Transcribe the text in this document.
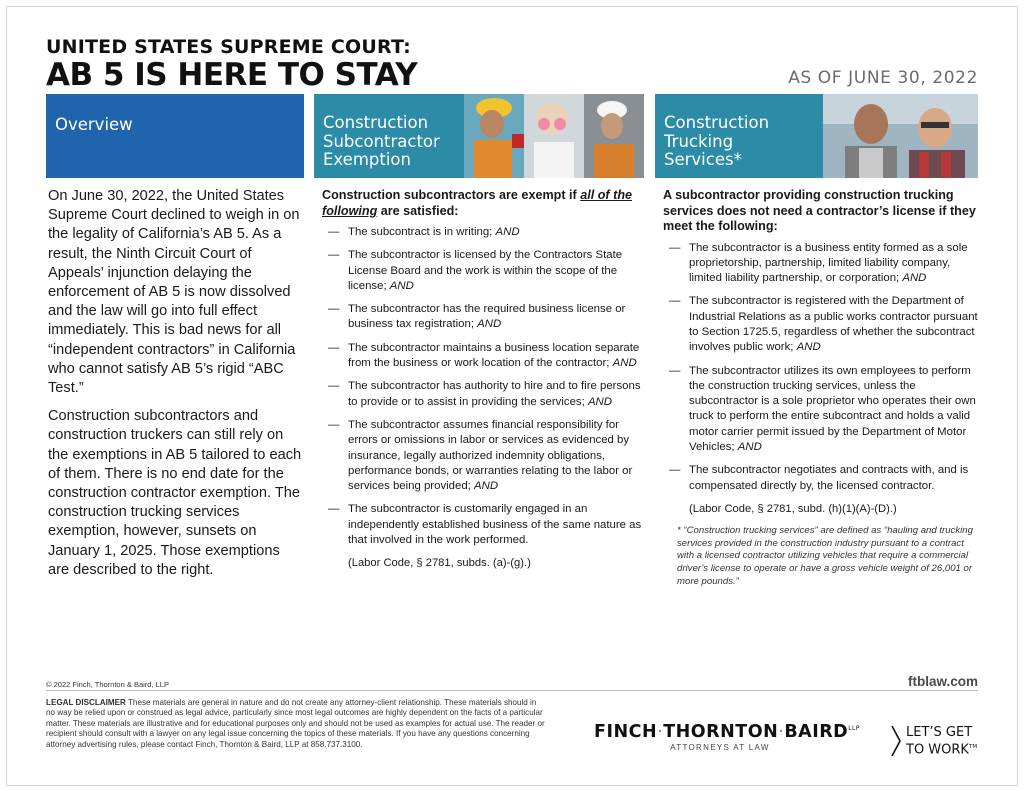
UNITED STATES SUPREME COURT:
AB 5 IS HERE TO STAY	AS OF JUNE 30, 2022
Overview	Construction
Subcontractor
Exemption
Construction
Trucking
Services*

On June 30, 2022, the United States Supreme Court declined to weigh in on the legality of California’s AB 5. As a result, the Ninth Circuit Court of Appeals’ injunction delaying the enforcement of AB 5 is now dissolved and the law will go into full effect immediately. This is bad news for all “independent contractors” in California who cannot satisfy AB 5’s rigid “ABC Test.”

Construction subcontractors and construction truckers can still rely on the exemptions in AB 5 tailored to each of them. There is no end date for the construction contractor exemption. The construction trucking services exemption, however, sunsets on January 1, 2025. Those exemptions are described to the right.

Construction subcontractors are exempt if all of the following are satisfied:
— The subcontract is in writing; AND
— The subcontractor is licensed by the Contractors State License Board and the work is within the scope of the license; AND
— The subcontractor has the required business license or business tax registration; AND
— The subcontractor maintains a business location separate from the business or work location of the contractor; AND
— The subcontractor has authority to hire and to fire persons to provide or to assist in providing the services; AND
— The subcontractor assumes financial responsibility for errors or omissions in labor or services as evidenced by insurance, legally authorized indemnity obligations, performance bonds, or warranties relating to the labor or services being provided; AND
— The subcontractor is customarily engaged in an independently established business of the same nature as that involved in the work performed.
(Labor Code, § 2781, subds. (a)-(g).)
A subcontractor providing construction trucking services does not need a contractor’s license if they meet the following:
— The subcontractor is a business entity formed as a sole proprietorship, partnership, limited liability company, limited liability partnership, or corporation; AND
— The subcontractor is registered with the Department of Industrial Relations as a public works contractor pursuant to Section 1725.5, regardless of whether the subcontract involves public work; AND
— The subcontractor utilizes its own employees to perform the construction trucking services, unless the subcontractor is a sole proprietor who operates their own truck to perform the entire subcontract and holds a valid motor carrier permit issued by the Department of Motor Vehicles; AND
— The subcontractor negotiates and contracts with, and is compensated directly by, the licensed contractor.
(Labor Code, § 2781, subd. (h)(1)(A)-(D).)
* “Construction trucking services” are defined as “hauling and trucking services provided in the construction industry pursuant to a contract with a licensed contractor utilizing vehicles that require a commercial driver’s license to operate or have a gross vehicle weight of 26,001 or more pounds.”
© 2022 Finch, Thornton & Baird, LLP	ftblaw.com
LEGAL DISCLAIMER These materials are general in nature and do not create any attorney-client relationship. These materials should in no way be relied upon or construed as legal advice, particularly since most legal outcomes are highly dependent on the facts of a particular matter. These materials are illustrative and for educational purposes only and should not be used as examples for actual use. The reader or recipient should consult with a lawyer on any legal issue concerning the topics of these materials. If you have any questions concerning attorney advertising rules, please contact Finch, Thornton & Baird, LLP at 858.737.3100.
$FINCH\cdot THORNTON\cdot BAIRD^{LLP}$
ATTORNEYS AT LAW
LET’S GET
TO WORK™
